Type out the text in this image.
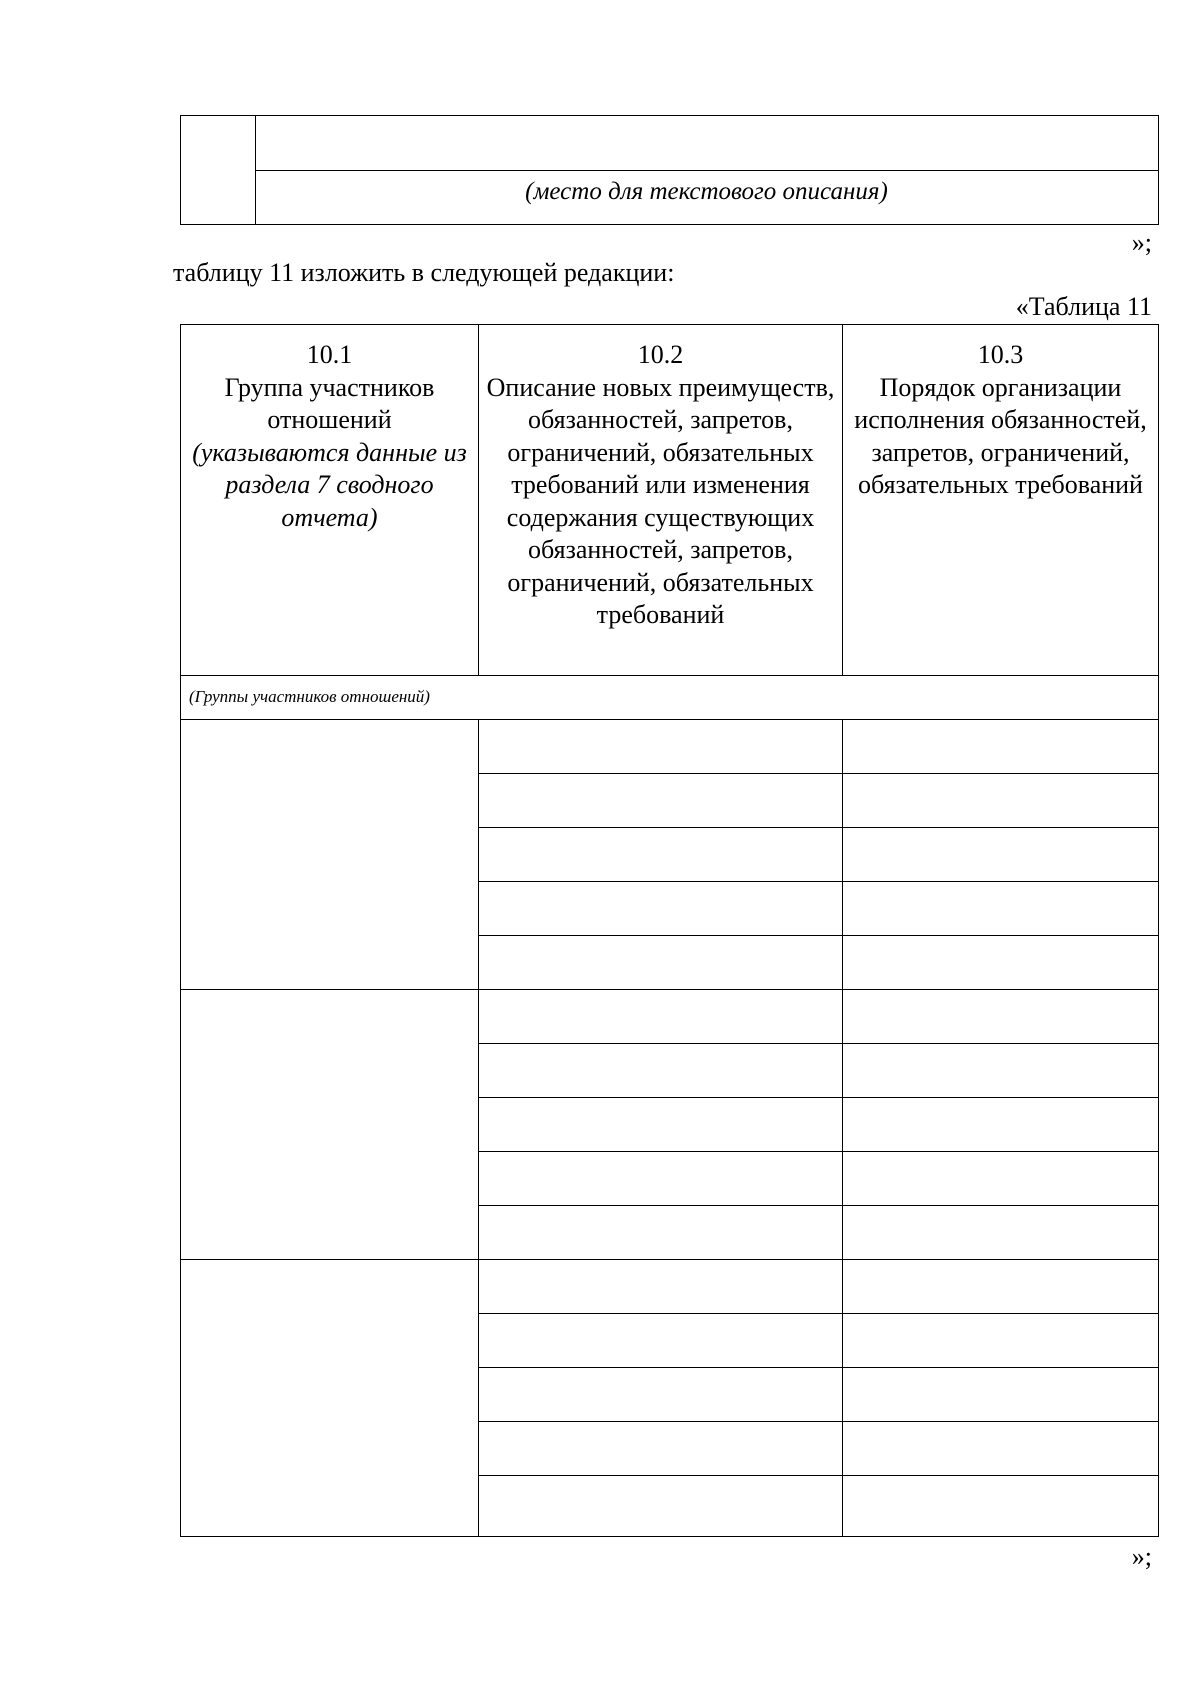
(место для текстового описания)
»;
таблицу 11 изложить в следующей редакции:
«Таблица 11
10.1
Группа участников отношений
(указываются данные из раздела 7 сводного отчета)
10.2
Описание новых преимуществ, обязанностей, запретов, ограничений, обязательных требований или изменения содержания существующих обязанностей, запретов, ограничений, обязательных требований
10.3
Порядок организации исполнения обязанностей, запретов, ограничений, обязательных требований
(Группы участников отношений)
»;
